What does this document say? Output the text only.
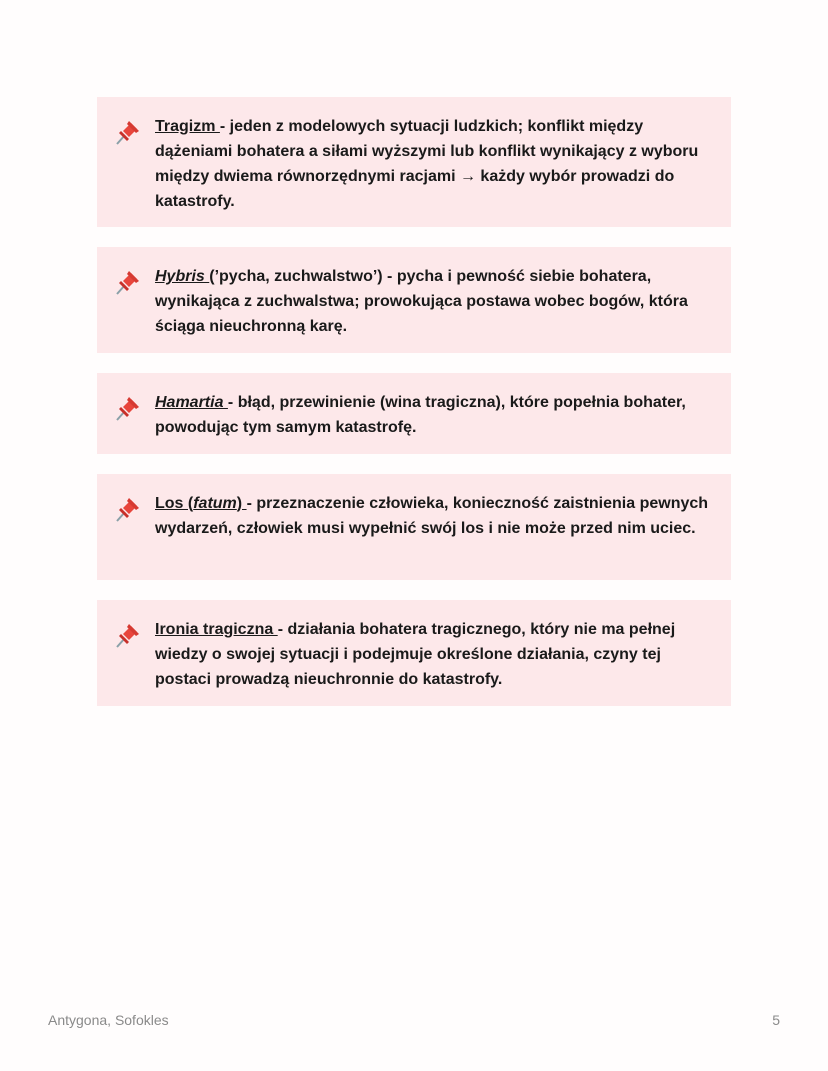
Tragizm - jeden z modelowych sytuacji ludzkich; konflikt między dążeniami bohatera a siłami wyższymi lub konflikt wynikający z wyboru między dwiema równorzędnymi racjami → każdy wybór prowadzi do katastrofy.
Hybris (’pycha, zuchwalstwo’) - pycha i pewność siebie bohatera, wynikająca z zuchwalstwa; prowokująca postawa wobec bogów, która ściąga nieuchronną karę.
Hamartia - błąd, przewinienie (wina tragiczna), które popełnia bohater, powodując tym samym katastrofę.
Los (fatum) - przeznaczenie człowieka, konieczność zaistnienia pewnych wydarzeń, człowiek musi wypełnić swój los i nie może przed nim uciec.
Ironia tragiczna - działania bohatera tragicznego, który nie ma pełnej wiedzy o swojej sytuacji i podejmuje określone działania, czyny tej postaci prowadzą nieuchronnie do katastrofy.
Antygona, Sofokles	5
